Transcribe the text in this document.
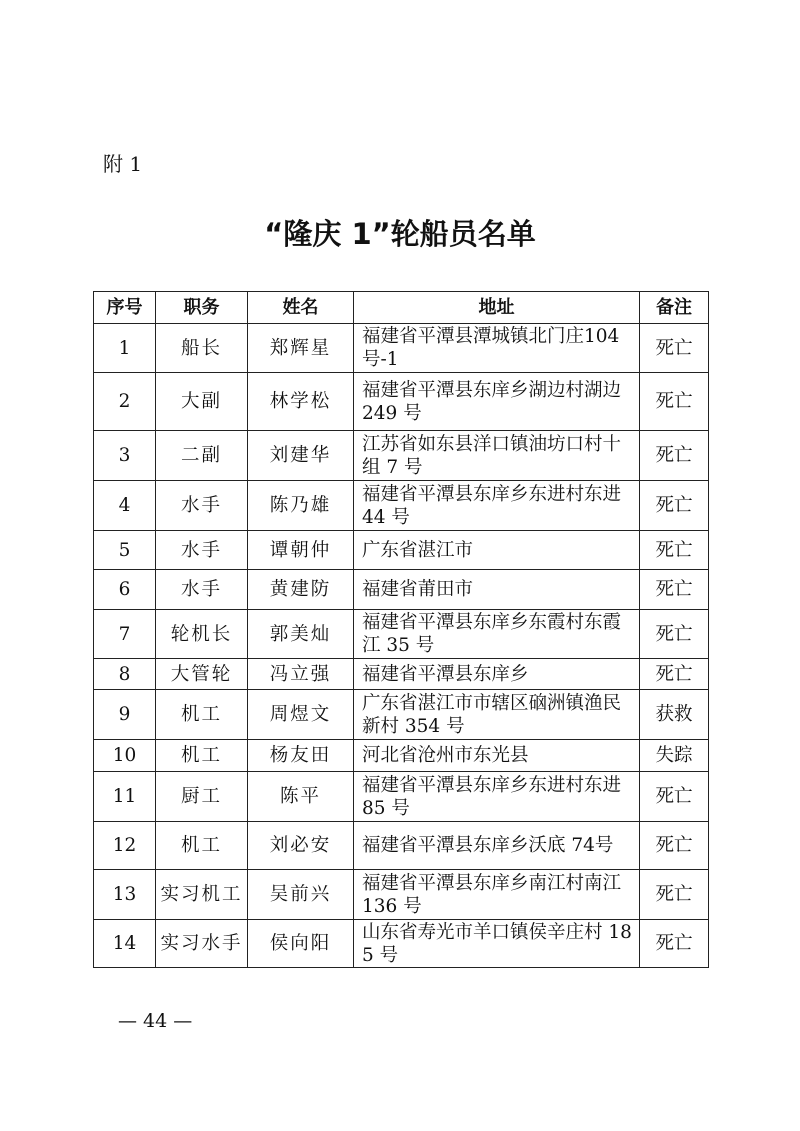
附 1
“隆庆 1”轮船员名单
序号	职务	姓名	地址	备注
1	船长	郑辉星	福建省平潭县潭城镇北门庄104 号-1	死亡
2	大副	林学松	福建省平潭县东庠乡湖边村湖边 249 号	死亡
3	二副	刘建华	江苏省如东县洋口镇油坊口村十组 7 号	死亡
4	水手	陈乃雄	福建省平潭县东庠乡东进村东进 44 号	死亡
5	水手	谭朝仲	广东省湛江市	死亡
6	水手	黄建防	福建省莆田市	死亡
7	轮机长	郭美灿	福建省平潭县东庠乡东霞村东霞江 35 号	死亡
8	大管轮	冯立强	福建省平潭县东庠乡	死亡
9	机工	周煜文	广东省湛江市市辖区硇洲镇渔民新村 354 号	获救
10	机工	杨友田	河北省沧州市东光县	失踪
11	厨工	陈平	福建省平潭县东庠乡东进村东进 85 号	死亡
12	机工	刘必安	福建省平潭县东庠乡沃底 74号	死亡
13	实习机工	吴前兴	福建省平潭县东庠乡南江村南江 136 号	死亡
14	实习水手	侯向阳	山东省寿光市羊口镇侯辛庄村 185 号	死亡
— 44 —
